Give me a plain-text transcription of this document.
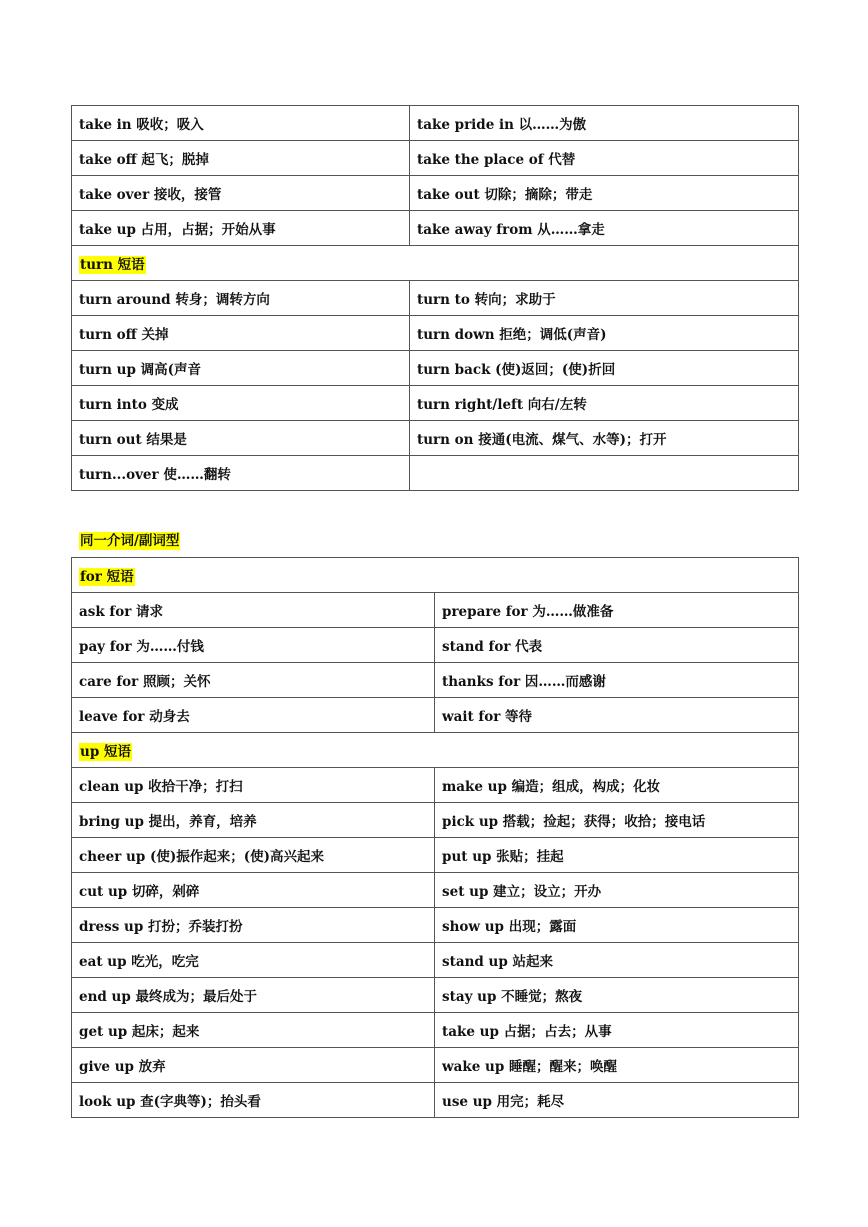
take in 吸收；吸入	take pride in 以……为傲
take off 起飞；脱掉	take the place of 代替
take over 接收，接管	take out 切除；摘除；带走
take up 占用，占据；开始从事	take away from 从……拿走
turn 短语	
turn around 转身；调转方向	turn to 转向；求助于
turn off 关掉	turn down 拒绝；调低(声音)
turn up 调高(声音	turn back (使)返回；(使)折回
turn into 变成	turn right/left 向右/左转
turn out 结果是	turn on 接通(电流、煤气、水等)；打开
turn...over 使……翻转	
同一介词/副词型
for 短语	
ask for 请求	prepare for 为……做准备
pay for 为……付钱	stand for 代表
care for 照顾；关怀	thanks for 因……而感谢
leave for 动身去	wait for 等待
up 短语	
clean up 收拾干净；打扫	make up 编造；组成，构成；化妆
bring up 提出，养育，培养	pick up 搭载；捡起；获得；收拾；接电话
cheer up (使)振作起来；(使)高兴起来	put up 张贴；挂起
cut up 切碎，剁碎	set up 建立；设立；开办
dress up 打扮；乔装打扮	show up 出现；露面
eat up 吃光，吃完	stand up 站起来
end up 最终成为；最后处于	stay up 不睡觉；熬夜
get up 起床；起来	take up 占据；占去；从事
give up 放弃	wake up 睡醒；醒来；唤醒
look up 查(字典等)；抬头看	use up 用完；耗尽
